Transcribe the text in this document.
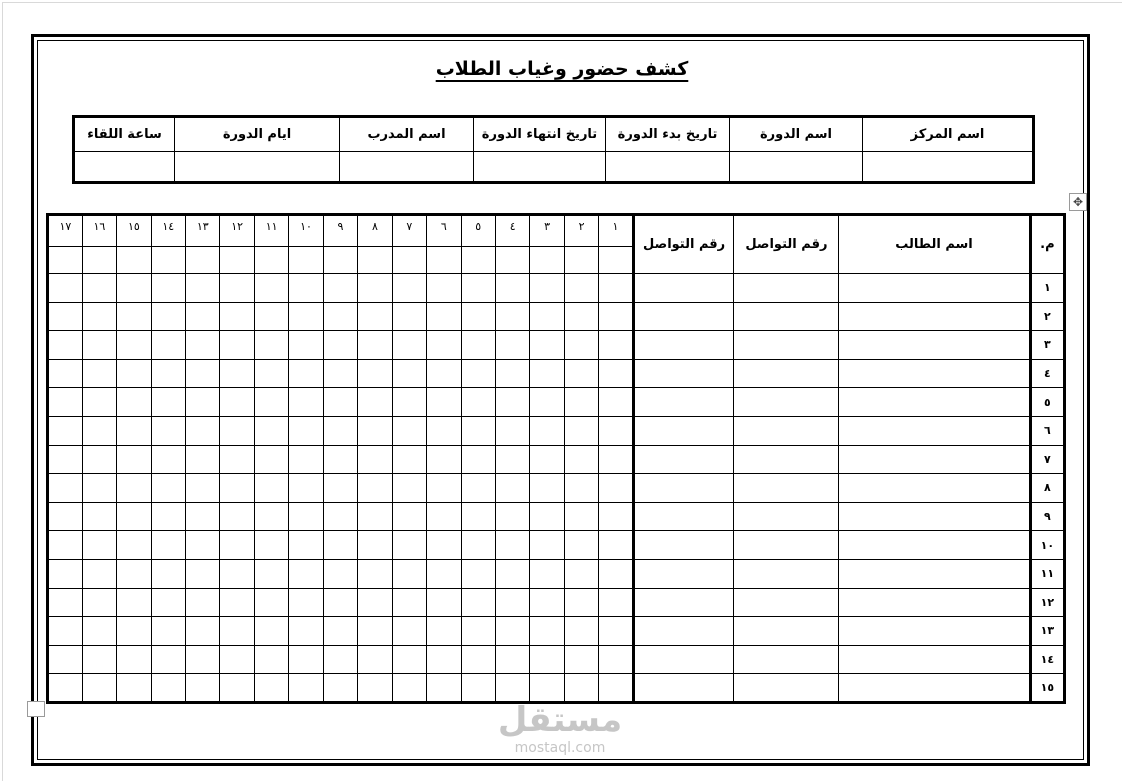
كشف حضور وغياب الطلاب
اسم المركز	اسم الدورة	تاريخ بدء الدورة	تاريخ انتهاء الدورة	اسم المدرب	ايام الدورة	ساعة اللقاء

م.	اسم الطالب	رقم التواصل	رقم التواصل	١	٢	٣	٤	٥	٦	٧	٨	٩	١٠	١١	١٢	١٣	١٤	١٥	١٦	١٧

١																				
٢																				
٣																				
٤																				
٥																				
٦																				
٧																				
٨																				
٩																				
١٠																				
١١																				
١٢																				
١٣																				
١٤																				
١٥																				
✥
مستقل
mostaql.com
